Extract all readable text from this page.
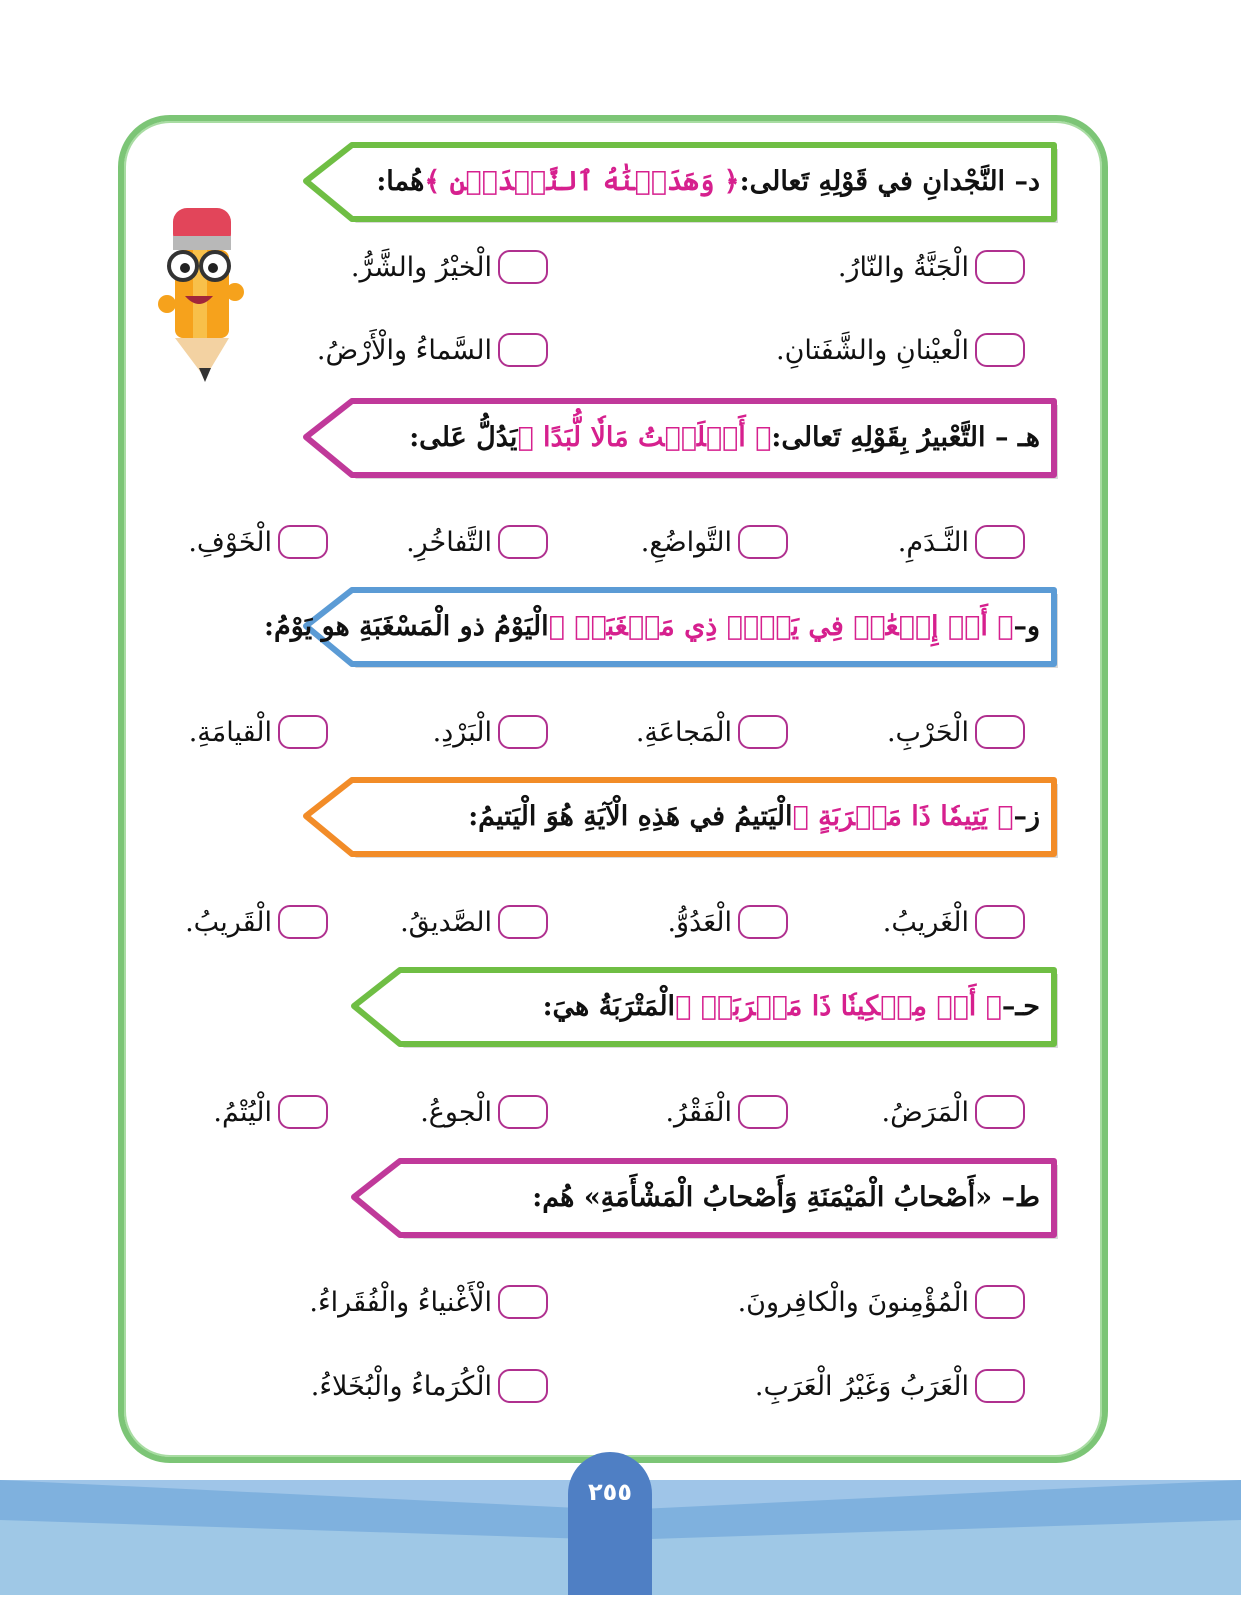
د– النَّجْدانِ في قَوْلِهِ تَعالى:
﴿ وَهَدَيۡنَٰهُ ٱلنَّجۡدَيۡنِ ﴾
هُما:
هـ – التَّعْبيرُ بِقَوْلِهِ تَعالى:
﴿ أَهۡلَكۡتُ مَالٗا لُّبَدًا ﴾
يَدُلُّ عَلى:
و–
﴿ أَوۡ إِطۡعَٰمٞ فِي يَوۡمٖ ذِي مَسۡغَبَةٖ ﴾
الْيَوْمُ ذو الْمَسْغَبَةِ هو يَوْمُ:
ز–
﴿ يَتِيمٗا ذَا مَقۡرَبَةٍ ﴾
الْيَتيمُ في هَذِهِ الْآيَةِ هُوَ الْيَتيمُ:
حـ–
﴿ أَوۡ مِسۡكِينٗا ذَا مَتۡرَبَةٖ ﴾
الْمَتْرَبَةُ هيَ:
ط– «أَصْحابُ الْمَيْمَنَةِ وَأَصْحابُ الْمَشْأَمَةِ» هُم:
الْجَنَّةُ والنّارُ.
الْخيْرُ والشَّرُّ.
الْعيْنانِ والشَّفَتانِ.
السَّماءُ والْأَرْضُ.
النَّـدَمِ.
التَّواضُعِ.
التَّفاخُرِ.
الْخَوْفِ.
الْحَرْبِ.
الْمَجاعَةِ.
الْبَرْدِ.
الْقيامَةِ.
الْغَريبُ.
الْعَدُوُّ.
الصَّديقُ.
الْقَريبُ.
الْمَرَضُ.
الْفَقْرُ.
الْجوعُ.
الْيُتْمُ.
الْمُؤْمِنونَ والْكافِرونَ.
الْأَغْنياءُ والْفُقَراءُ.
الْعَرَبُ وَغَيْرُ الْعَرَبِ.
الْكُرَماءُ والْبُخَلاءُ.
٢٥٥
